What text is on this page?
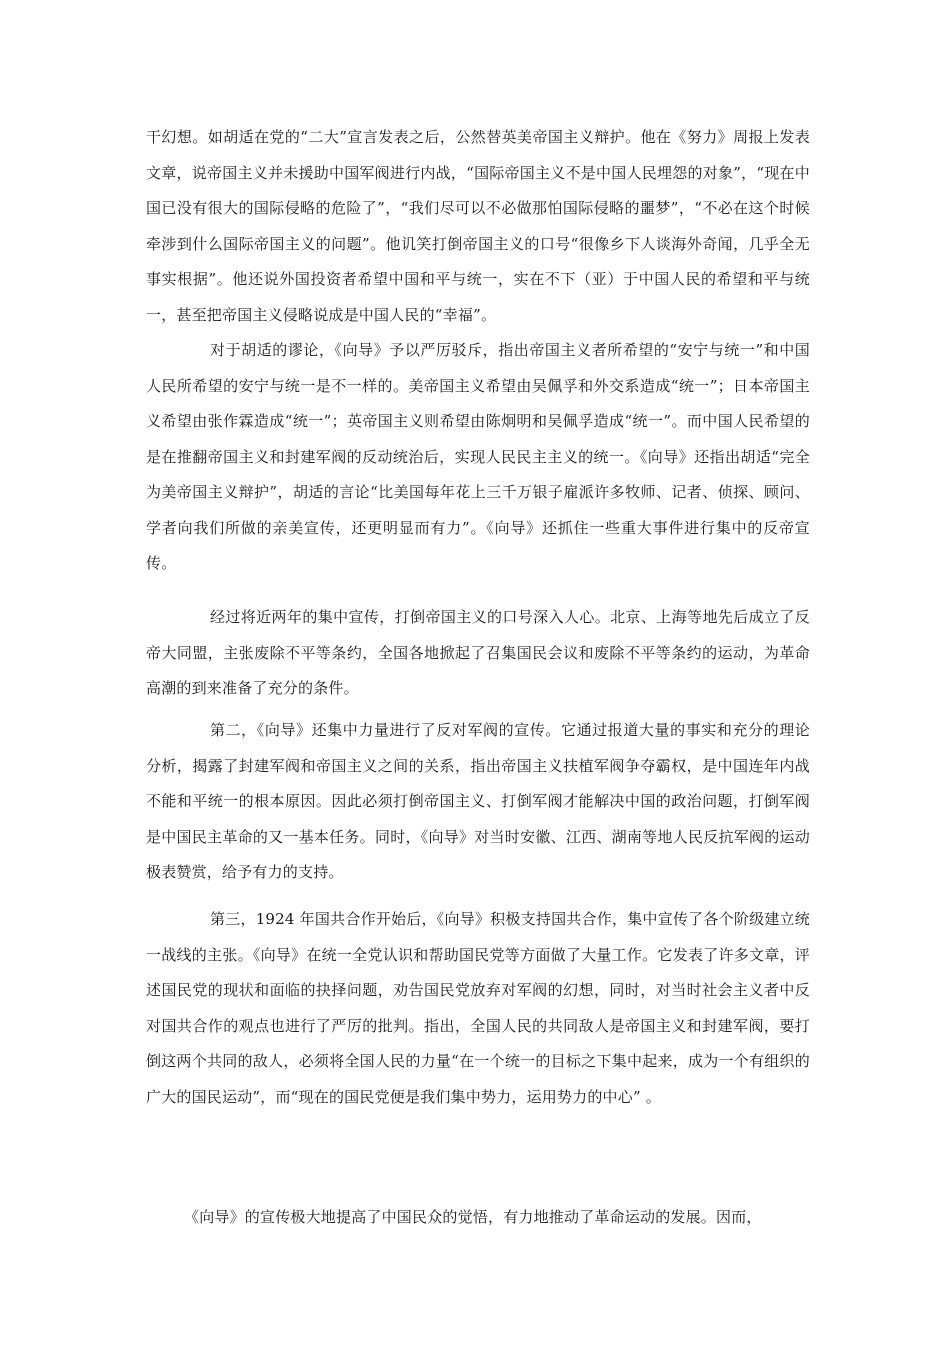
干幻想。如胡适在党的“二大”宣言发表之后，公然替英美帝国主义辩护。他在《努力》周报上发表文章，说帝国主义并未援助中国军阀进行内战，“国际帝国主义不是中国人民埋怨的对象”，“现在中国已没有很大的国际侵略的危险了”，“我们尽可以不必做那怕国际侵略的噩梦”，“不必在这个时候牵涉到什么国际帝国主义的问题”。他讥笑打倒帝国主义的口号“很像乡下人谈海外奇闻，几乎全无事实根据”。他还说外国投资者希望中国和平与统一，实在不下（亚）于中国人民的希望和平与统一，甚至把帝国主义侵略说成是中国人民的“幸福”。

对于胡适的谬论，《向导》予以严厉驳斥，指出帝国主义者所希望的“安宁与统一”和中国人民所希望的安宁与统一是不一样的。美帝国主义希望由吴佩孚和外交系造成“统一”；日本帝国主义希望由张作霖造成“统一”；英帝国主义则希望由陈炯明和吴佩孚造成“统一”。而中国人民希望的是在推翻帝国主义和封建军阀的反动统治后，实现人民民主主义的统一。《向导》还指出胡适“完全为美帝国主义辩护”，胡适的言论“比美国每年花上三千万银子雇派许多牧师、记者、侦探、顾问、学者向我们所做的亲美宣传，还更明显而有力”。《向导》还抓住一些重大事件进行集中的反帝宣传。

经过将近两年的集中宣传，打倒帝国主义的口号深入人心。北京、上海等地先后成立了反帝大同盟，主张废除不平等条约，全国各地掀起了召集国民会议和废除不平等条约的运动，为革命高潮的到来准备了充分的条件。

第二，《向导》还集中力量进行了反对军阀的宣传。它通过报道大量的事实和充分的理论分析，揭露了封建军阀和帝国主义之间的关系，指出帝国主义扶植军阀争夺霸权，是中国连年内战不能和平统一的根本原因。因此必须打倒帝国主义、打倒军阀才能解决中国的政治问题，打倒军阀是中国民主革命的又一基本任务。同时，《向导》对当时安徽、江西、湖南等地人民反抗军阀的运动极表赞赏，给予有力的支持。

第三，1924 年国共合作开始后，《向导》积极支持国共合作，集中宣传了各个阶级建立统一战线的主张。《向导》在统一全党认识和帮助国民党等方面做了大量工作。它发表了许多文章，评述国民党的现状和面临的抉择问题，劝告国民党放弃对军阀的幻想，同时，对当时社会主义者中反对国共合作的观点也进行了严厉的批判。指出，全国人民的共同敌人是帝国主义和封建军阀，要打倒这两个共同的敌人，必须将全国人民的力量“在一个统一的目标之下集中起来，成为一个有组织的广大的国民运动”，而“现在的国民党便是我们集中势力，运用势力的中心” 。

《向导》的宣传极大地提高了中国民众的觉悟，有力地推动了革命运动的发展。因而，
